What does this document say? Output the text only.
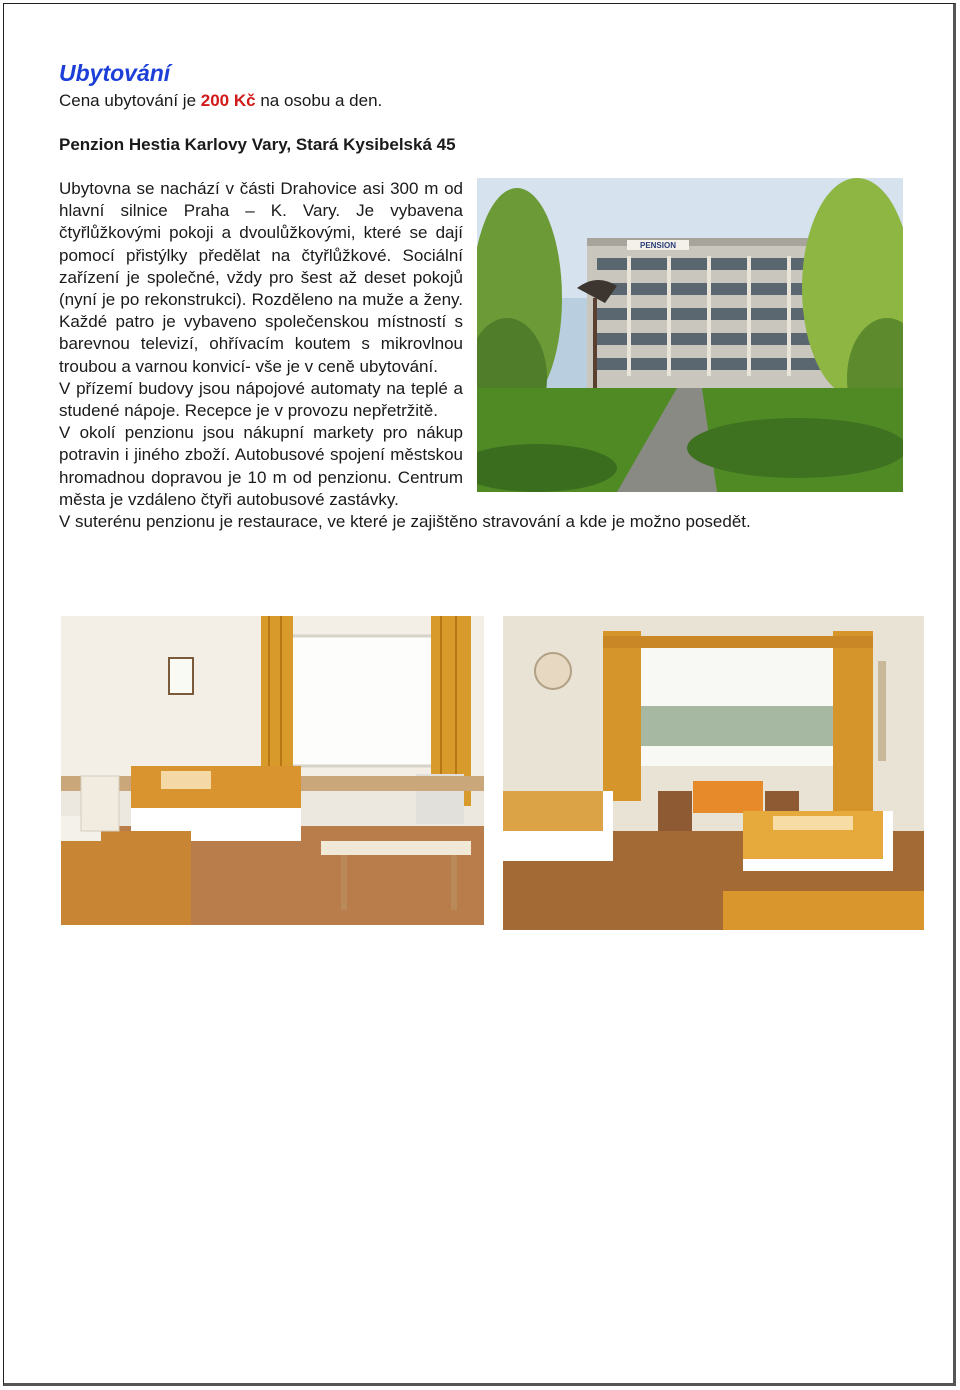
Ubytování

Cena ubytování je 200 Kč na osobu a den.

Penzion Hestia Karlovy Vary, Stará Kysibelská 45

PENSION

Ubytovna se nachází v části Drahovice asi 300 m od hlavní silnice Praha – K. Vary. Je vybavena čtyřlůžkovými pokoji a dvoulůžkovými, které se dají pomocí přistýlky předělat na čtyřlůžkové. Sociální zařízení je společné, vždy pro šest až deset pokojů (nyní je po rekonstrukci). Rozděleno na muže a ženy. Každé patro je vybaveno společenskou místností s barevnou televizí, ohřívacím koutem s mikrovlnou troubou a varnou konvicí- vše je v ceně ubytování.

V přízemí budovy jsou nápojové automaty na teplé a studené nápoje. Recepce je v provozu nepřetržitě.

V okolí penzionu jsou nákupní markety pro nákup potravin i jiného zboží. Autobusové spojení městskou hromadnou dopravou je 10 m od penzionu. Centrum města je vzdáleno čtyři autobusové zastávky.

V suterénu penzionu je restaurace, ve které je zajištěno stravování a kde je možno posedět.
